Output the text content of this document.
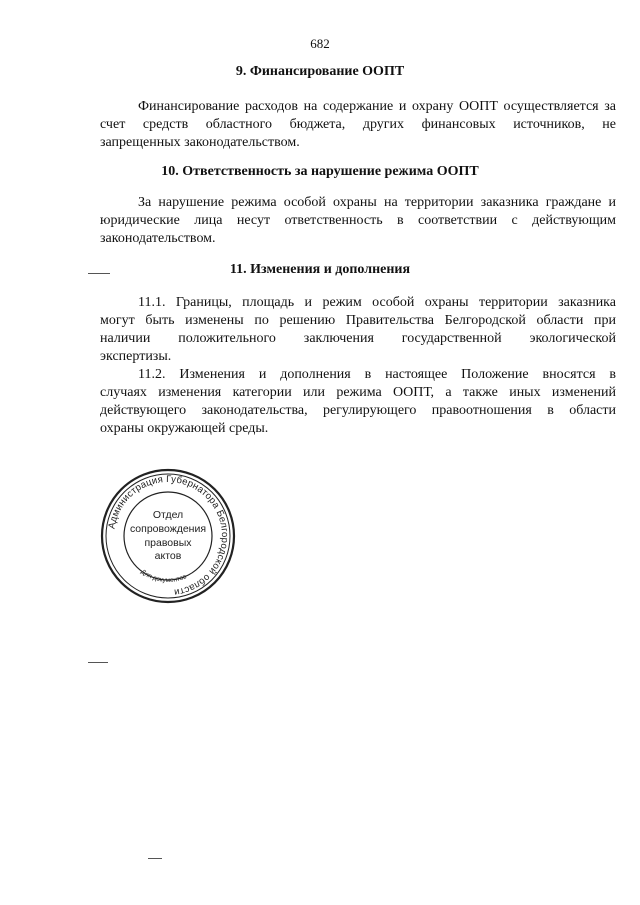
682
9. Финансирование ООПТ
Финансирование расходов на содержание и охрану ООПТ осуществляется за
счет средств областного бюджета, других финансовых источников, не
запрещенных законодательством.
10. Ответственность за нарушение режима ООПТ
За нарушение режима особой охраны на территории заказника граждане и
юридические лица несут ответственность в соответствии с действующим
законодательством.
11. Изменения и дополнения
11.1. Границы, площадь и режим особой охраны территории заказника
могут быть изменены по решению Правительства Белгородской области при
наличии положительного заключения государственной экологической
экспертизы.
11.2. Изменения и дополнения в настоящее Положение вносятся в
случаях изменения категории или режима ООПТ, а также иных изменений
действующего законодательства, регулирующего правоотношения в области
охраны окружающей среды.
Администрация Губернатора Белгородской области
Для документов
Отдел
сопровождения
правовых
актов
